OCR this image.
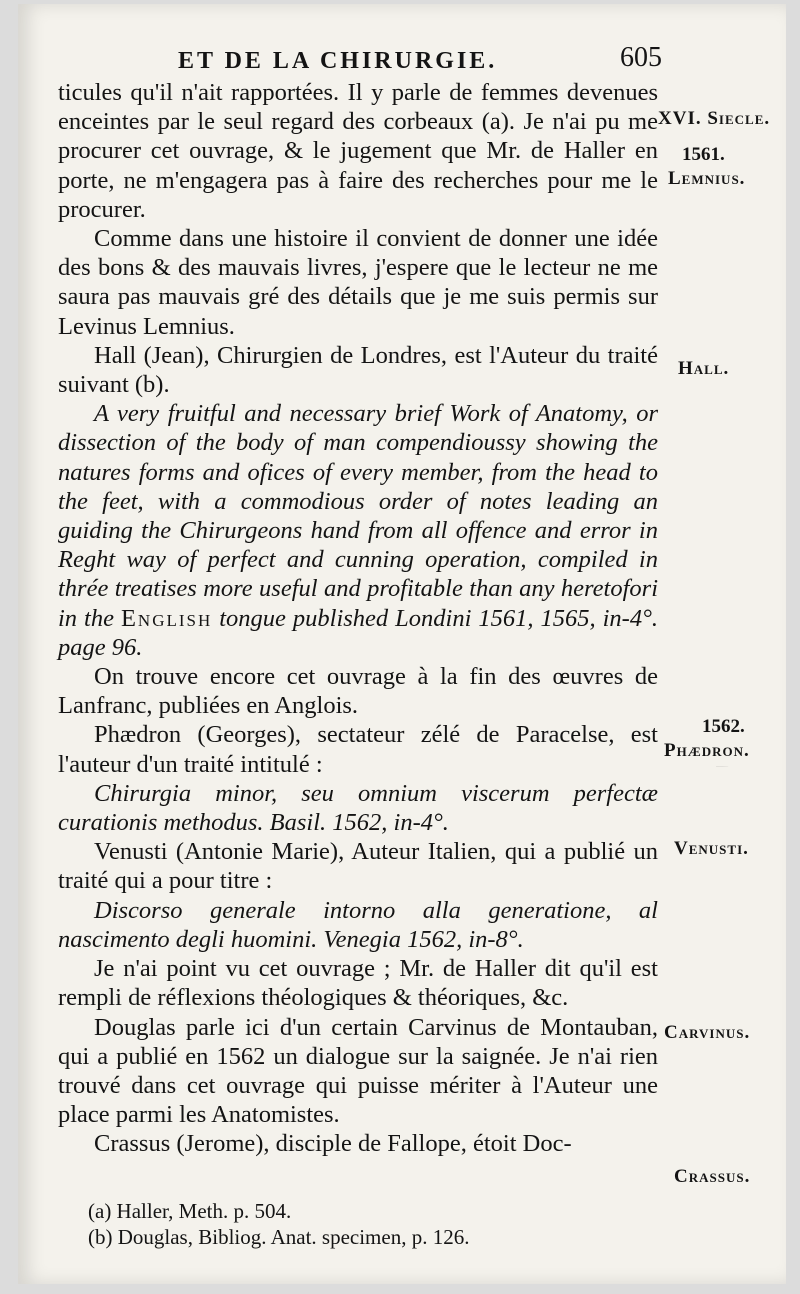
ET DE LA CHIRURGIE.	605

ticules qu'il n'ait rapportées. Il y parle de femmes devenues enceintes par le seul regard des corbeaux (a). Je n'ai pu me procurer cet ouvrage, & le jugement que Mr. de Haller en porte, ne m'engagera pas à faire des recherches pour me le procurer.

Comme dans une histoire il convient de donner une idée des bons & des mauvais livres, j'espere que le lecteur ne me saura pas mauvais gré des détails que je me suis permis sur Levinus Lemnius.

Hall (Jean), Chirurgien de Londres, est l'Auteur du traité suivant (b).

A very fruitful and necessary brief Work of Anatomy, or dissection of the body of man compendioussy showing the natures forms and ofices of every member, from the head to the feet, with a commodious order of notes leading an guiding the Chirurgeons hand from all offence and error in Reght way of perfect and cunning operation, compiled in thrée treatises more useful and profitable than any heretofori in the English tongue published Londini 1561, 1565, in-4°. page 96.

On trouve encore cet ouvrage à la fin des œuvres de Lanfranc, publiées en Anglois.

Phædron (Georges), sectateur zélé de Paracelse, est l'auteur d'un traité intitulé :

Chirurgia minor, seu omnium viscerum perfectæ curationis methodus. Basil. 1562, in-4°.

Venusti (Antonie Marie), Auteur Italien, qui a publié un traité qui a pour titre :

Discorso generale intorno alla generatione, al nascimento degli huomini. Venegia 1562, in-8°.

Je n'ai point vu cet ouvrage ; Mr. de Haller dit qu'il est rempli de réflexions théologiques & théoriques, &c.

Douglas parle ici d'un certain Carvinus de Montauban, qui a publié en 1562 un dialogue sur la saignée. Je n'ai rien trouvé dans cet ouvrage qui puisse mériter à l'Auteur une place parmi les Anatomistes.

Crassus (Jerome), disciple de Fallope, étoit Doc-

(a) Haller, Meth. p. 504.

(b) Douglas, Bibliog. Anat. specimen, p. 126.

XVI. Siecle.
1561.
Lemnius.
Hall.
1562.
Phædron.
Venusti.
Carvinus.
Crassus.
